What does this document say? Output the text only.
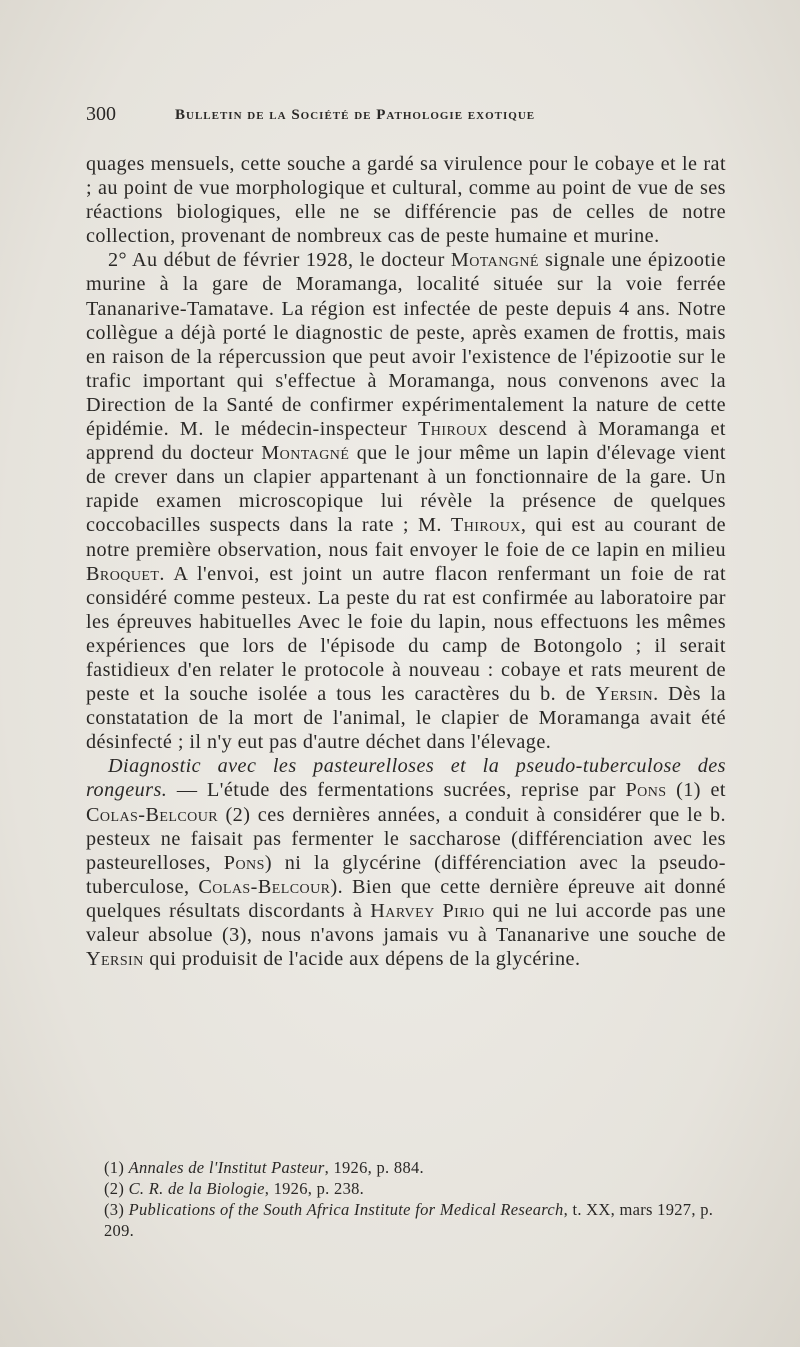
300	Bulletin de la Société de Pathologie exotique

quages mensuels, cette souche a gardé sa virulence pour le cobaye et le rat ; au point de vue morphologique et cultural, comme au point de vue de ses réactions biologiques, elle ne se différencie pas de celles de notre collection, provenant de nombreux cas de peste humaine et murine.

2° Au début de février 1928, le docteur Motangné signale une épizootie murine à la gare de Moramanga, localité située sur la voie ferrée Tananarive-Tamatave. La région est infectée de peste depuis 4 ans. Notre collègue a déjà porté le diagnostic de peste, après examen de frottis, mais en raison de la répercussion que peut avoir l'existence de l'épizootie sur le trafic important qui s'effectue à Moramanga, nous convenons avec la Direction de la Santé de confirmer expérimentalement la nature de cette épidémie. M. le médecin-inspecteur Thiroux descend à Moramanga et apprend du docteur Montagné que le jour même un lapin d'élevage vient de crever dans un clapier appartenant à un fonctionnaire de la gare. Un rapide examen microscopique lui révèle la présence de quelques coccobacilles suspects dans la rate ; M. Thiroux, qui est au courant de notre première observation, nous fait envoyer le foie de ce lapin en milieu Broquet. A l'envoi, est joint un autre flacon renfermant un foie de rat considéré comme pesteux. La peste du rat est confirmée au laboratoire par les épreuves habituelles Avec le foie du lapin, nous effectuons les mêmes expériences que lors de l'épisode du camp de Botongolo ; il serait fastidieux d'en relater le protocole à nouveau : cobaye et rats meurent de peste et la souche isolée a tous les caractères du b. de Yersin. Dès la constatation de la mort de l'animal, le clapier de Moramanga avait été désinfecté ; il n'y eut pas d'autre déchet dans l'élevage.

Diagnostic avec les pasteurelloses et la pseudo-tuberculose des rongeurs. — L'étude des fermentations sucrées, reprise par Pons (1) et Colas-Belcour (2) ces dernières années, a conduit à considérer que le b. pesteux ne faisait pas fermenter le saccharose (différenciation avec les pasteurelloses, Pons) ni la glycérine (différenciation avec la pseudo-tuberculose, Colas-Belcour). Bien que cette dernière épreuve ait donné quelques résultats discordants à Harvey Pirio qui ne lui accorde pas une valeur absolue (3), nous n'avons jamais vu à Tananarive une souche de Yersin qui produisit de l'acide aux dépens de la glycérine.

(1) Annales de l'Institut Pasteur, 1926, p. 884.

(2) C. R. de la Biologie, 1926, p. 238.

(3) Publications of the South Africa Institute for Medical Research, t. XX, mars 1927, p. 209.
